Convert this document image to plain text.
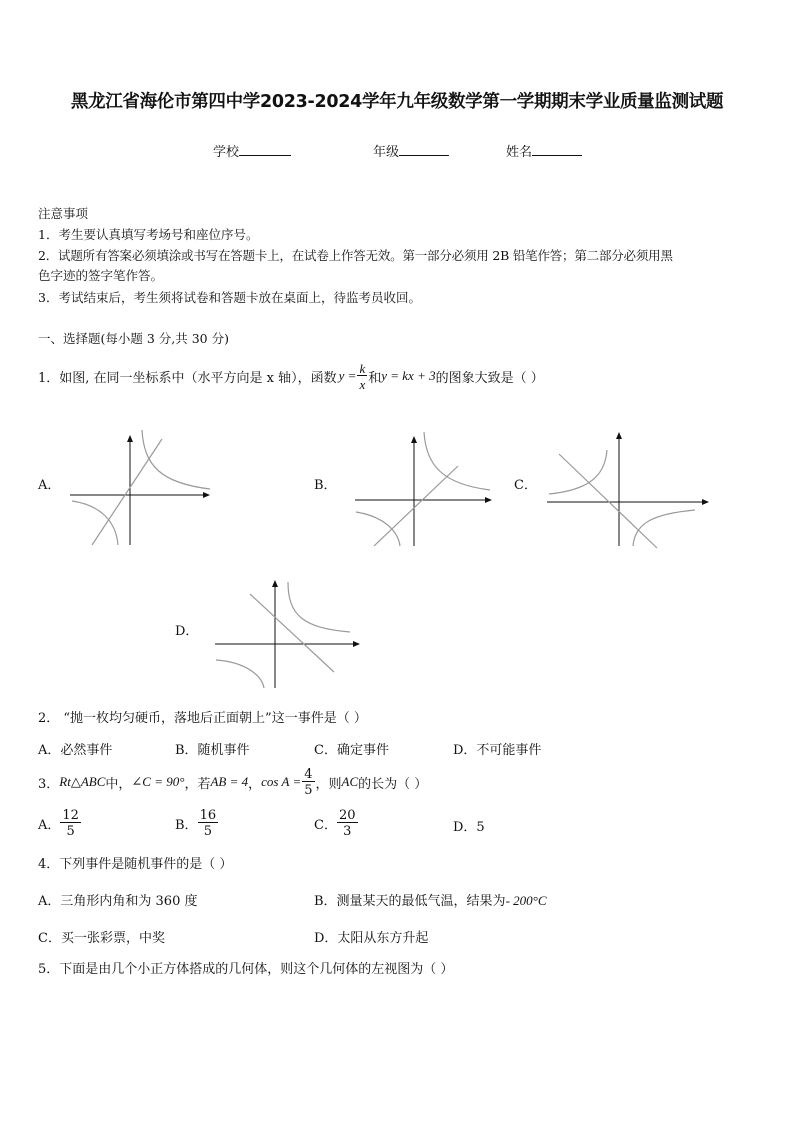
黑龙江省海伦市第四中学2023-2024学年九年级数学第一学期期末学业质量监测试题
学校	年级	姓名
注意事项
1．考生要认真填写考场号和座位序号。
2．试题所有答案必须填涂或书写在答题卡上，在试卷上作答无效。第一部分必须用 2B 铅笔作答；第二部分必须用黑
色字迹的签字笔作答。
3．考试结束后，考生须将试卷和答题卡放在桌面上，待监考员收回。
一、选择题(每小题 3 分,共 30 分)
1．如图, 在同一坐标系中（水平方向是 x 轴），函数 $y = \frac{k}{x}$ 和 y = kx + 3 的图象大致是（ ）
A．	B．	C．
D．
2． “抛一枚均匀硬币，落地后正面朝上”这一事件是（ ）
A．必然事件	B．随机事件	C．确定事件	D．不可能事件
3． Rt△ABC 中， ∠C = 90° ，若 AB = 4 ， $\cos A = \frac{4}{5}$ ，则 AC 的长为（ ）
A． $\frac{12}{5}$	B． $\frac{16}{5}$	C． $\frac{20}{3}$	D．5
4．下列事件是随机事件的是（ ）
A．三角形内角和为 360 度	B．测量某天的最低气温，结果为- 200°C
C．买一张彩票，中奖	D．太阳从东方升起
5．下面是由几个小正方体搭成的几何体，则这个几何体的左视图为（ ）
